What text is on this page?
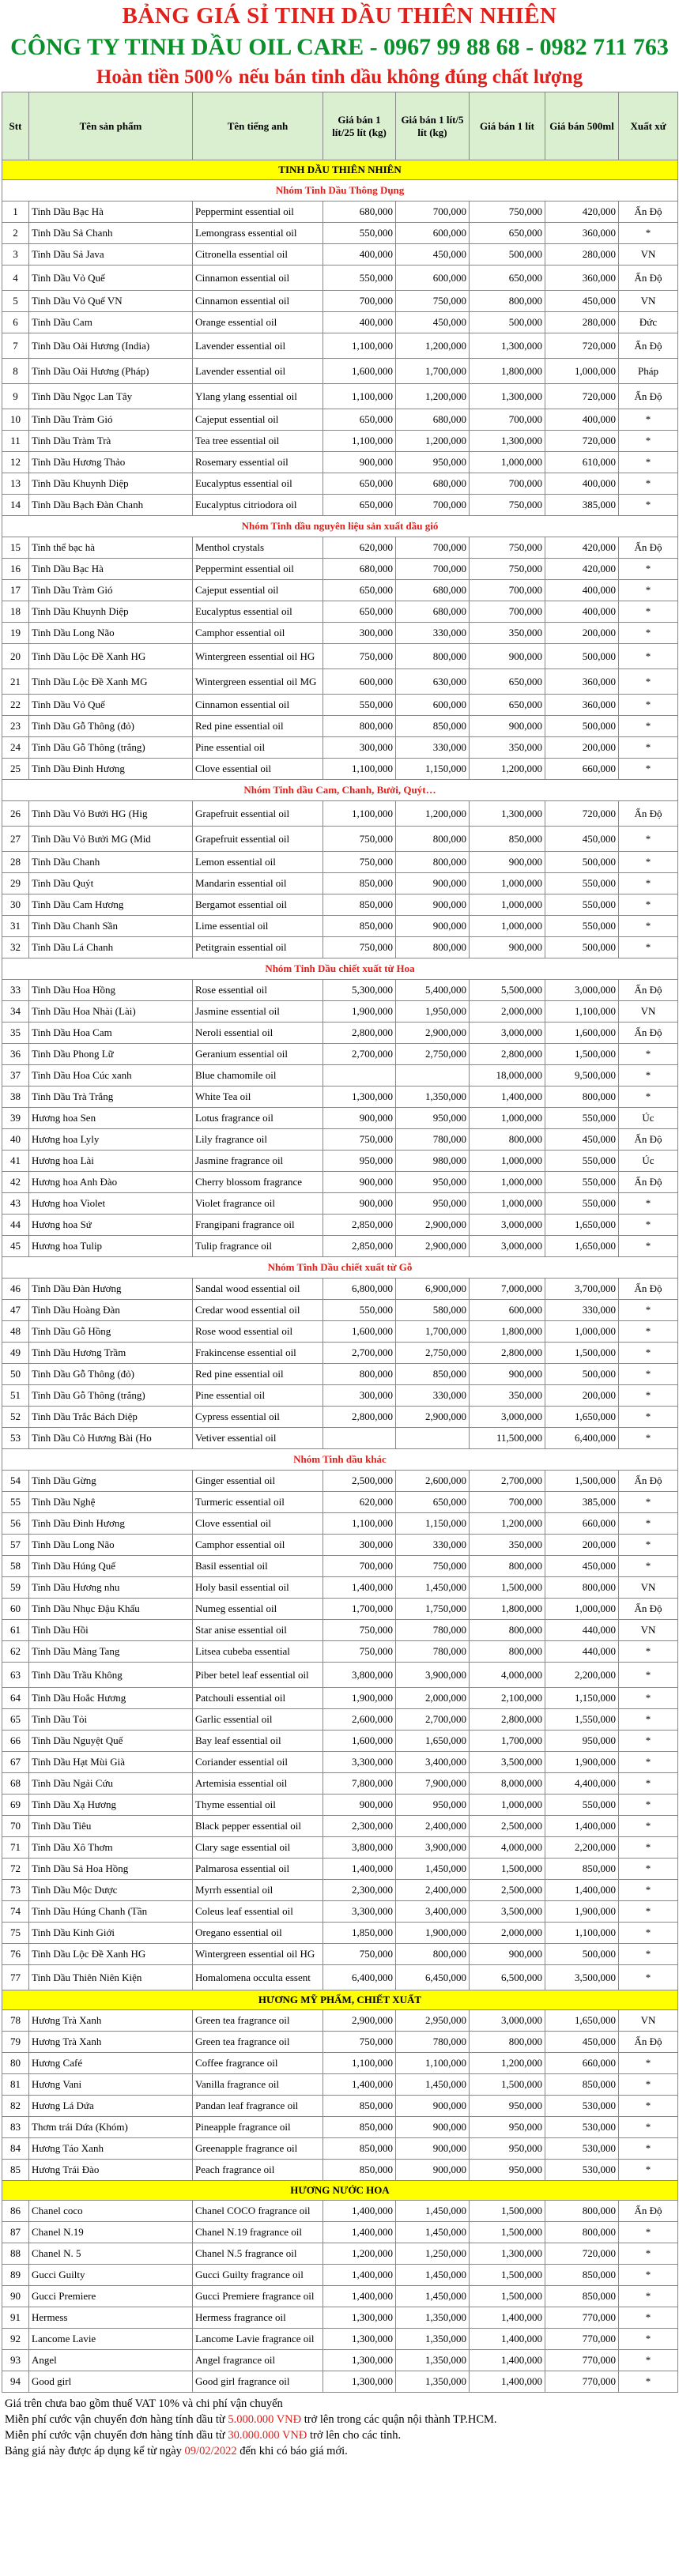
BẢNG GIÁ SỈ TINH DẦU THIÊN NHIÊN
CÔNG TY TINH DẦU OIL CARE - 0967 99 88 68 - 0982 711 763
Hoàn tiền 500% nếu bán tinh dầu không đúng chất lượng
Stt	Tên sản phẩm	Tên tiếng anh	Giá bán 1 lít/25 lít (kg)	Giá bán 1 lít/5 lít (kg)	Giá bán 1 lít	Giá bán 500ml	Xuất xứ
TINH DẦU THIÊN NHIÊN							
Nhóm Tinh Dầu Thông Dụng							
1	Tinh Dầu Bạc Hà	Peppermint essential oil	680,000	700,000	750,000	420,000	Ấn Độ
2	Tinh Dầu Sả Chanh	Lemongrass essential oil	550,000	600,000	650,000	360,000	*
3	Tinh Dầu Sả Java	Citronella essential oil	400,000	450,000	500,000	280,000	VN
4	Tinh Dầu Vỏ Quế	Cinnamon essential oil	550,000	600,000	650,000	360,000	Ấn Độ
5	Tinh Dầu Vỏ Quế VN	Cinnamon essential oil	700,000	750,000	800,000	450,000	VN
6	Tinh Dầu Cam	Orange essential oil	400,000	450,000	500,000	280,000	Đức
7	Tinh Dầu Oải Hương (India)	Lavender essential oil	1,100,000	1,200,000	1,300,000	720,000	Ấn Độ
8	Tinh Dầu Oải Hương (Pháp)	Lavender essential oil	1,600,000	1,700,000	1,800,000	1,000,000	Pháp
9	Tinh Dầu Ngọc Lan Tây	Ylang ylang essential oil	1,100,000	1,200,000	1,300,000	720,000	Ấn Độ
10	Tinh Dầu Tràm Gió	Cajeput essential oil	650,000	680,000	700,000	400,000	*
11	Tinh Dầu Tràm Trà	Tea tree essential oil	1,100,000	1,200,000	1,300,000	720,000	*
12	Tinh Dầu Hương Thảo	Rosemary essential oil	900,000	950,000	1,000,000	610,000	*
13	Tinh Dầu Khuynh Diệp	Eucalyptus essential oil	650,000	680,000	700,000	400,000	*
14	Tinh Dầu Bạch Đàn Chanh	Eucalyptus citriodora oil	650,000	700,000	750,000	385,000	*
Nhóm Tinh dầu nguyên liệu sản xuất dầu gió							
15	Tinh thể bạc hà	Menthol crystals	620,000	700,000	750,000	420,000	Ấn Độ
16	Tinh Dầu Bạc Hà	Peppermint essential oil	680,000	700,000	750,000	420,000	*
17	Tinh Dầu Tràm Gió	Cajeput essential oil	650,000	680,000	700,000	400,000	*
18	Tinh Dầu Khuynh Diệp	Eucalyptus essential oil	650,000	680,000	700,000	400,000	*
19	Tinh Dầu Long Não	Camphor essential oil	300,000	330,000	350,000	200,000	*
20	Tinh Dầu Lộc Đề Xanh HG	Wintergreen essential oil HG	750,000	800,000	900,000	500,000	*
21	Tinh Dầu Lộc Đề Xanh MG	Wintergreen essential oil MG	600,000	630,000	650,000	360,000	*
22	Tinh Dầu Vỏ Quế	Cinnamon essential oil	550,000	600,000	650,000	360,000	*
23	Tinh Dầu Gỗ Thông (đỏ)	Red pine essential oil	800,000	850,000	900,000	500,000	*
24	Tinh Dầu Gỗ Thông (trắng)	Pine essential oil	300,000	330,000	350,000	200,000	*
25	Tinh Dầu Đinh Hương	Clove essential oil	1,100,000	1,150,000	1,200,000	660,000	*
Nhóm Tinh dầu Cam, Chanh, Bưởi, Quýt…							
26	Tinh Dầu Vỏ Bưởi HG (Hig	Grapefruit essential oil	1,100,000	1,200,000	1,300,000	720,000	Ấn Độ
27	Tinh Dầu Vỏ Bưởi MG (Mid	Grapefruit essential oil	750,000	800,000	850,000	450,000	*
28	Tinh Dầu Chanh	Lemon essential oil	750,000	800,000	900,000	500,000	*
29	Tinh Dầu Quýt	Mandarin essential oil	850,000	900,000	1,000,000	550,000	*
30	Tinh Dầu Cam Hương	Bergamot essential oil	850,000	900,000	1,000,000	550,000	*
31	Tinh Dầu Chanh Sần	Lime essential oil	850,000	900,000	1,000,000	550,000	*
32	Tinh Dầu Lá Chanh	Petitgrain essential oil	750,000	800,000	900,000	500,000	*
Nhóm Tinh Dầu chiết xuất từ Hoa							
33	Tinh Dầu Hoa Hồng	Rose essential oil	5,300,000	5,400,000	5,500,000	3,000,000	Ấn Độ
34	Tinh Dầu Hoa Nhài (Lài)	Jasmine essential oil	1,900,000	1,950,000	2,000,000	1,100,000	VN
35	Tinh Dầu Hoa Cam	Neroli essential oil	2,800,000	2,900,000	3,000,000	1,600,000	Ấn Độ
36	Tinh Dầu Phong Lữ	Geranium essential oil	2,700,000	2,750,000	2,800,000	1,500,000	*
37	Tinh Dầu Hoa Cúc xanh	Blue chamomile oil			18,000,000	9,500,000	*
38	Tinh Dầu Trà Trắng	White Tea oil	1,300,000	1,350,000	1,400,000	800,000	*
39	Hương hoa Sen	Lotus fragrance oil	900,000	950,000	1,000,000	550,000	Úc
40	Hương hoa Lyly	Lily fragrance oil	750,000	780,000	800,000	450,000	Ấn Độ
41	Hương hoa Lài	Jasmine fragrance oil	950,000	980,000	1,000,000	550,000	Úc
42	Hương hoa Anh Đào	Cherry blossom fragrance	900,000	950,000	1,000,000	550,000	Ấn Độ
43	Hương hoa Violet	Violet fragrance oil	900,000	950,000	1,000,000	550,000	*
44	Hương hoa Sứ	Frangipani fragrance oil	2,850,000	2,900,000	3,000,000	1,650,000	*
45	Hương hoa Tulip	Tulip fragrance oil	2,850,000	2,900,000	3,000,000	1,650,000	*
Nhóm Tinh Dầu chiết xuất từ Gỗ							
46	Tinh Dầu Đàn Hương	Sandal wood essential oil	6,800,000	6,900,000	7,000,000	3,700,000	Ấn Độ
47	Tinh Dầu Hoàng Đàn	Credar wood essential oil	550,000	580,000	600,000	330,000	*
48	Tinh Dầu Gỗ Hồng	Rose wood essential oil	1,600,000	1,700,000	1,800,000	1,000,000	*
49	Tinh Dầu Hương Trầm	Frakincense essential oil	2,700,000	2,750,000	2,800,000	1,500,000	*
50	Tinh Dầu Gỗ Thông (đỏ)	Red pine essential oil	800,000	850,000	900,000	500,000	*
51	Tinh Dầu Gỗ Thông (trắng)	Pine essential oil	300,000	330,000	350,000	200,000	*
52	Tinh Dầu Trắc Bách Diệp	Cypress essential oil	2,800,000	2,900,000	3,000,000	1,650,000	*
53	Tinh Dầu Cỏ Hương Bài (Ho	Vetiver essential oil			11,500,000	6,400,000	*
Nhóm Tinh dầu khác							
54	Tinh Dầu Gừng	Ginger essential oil	2,500,000	2,600,000	2,700,000	1,500,000	Ấn Độ
55	Tinh Dầu Nghệ	Turmeric essential oil	620,000	650,000	700,000	385,000	*
56	Tinh Dầu Đinh Hương	Clove essential oil	1,100,000	1,150,000	1,200,000	660,000	*
57	Tinh Dầu Long Não	Camphor essential oil	300,000	330,000	350,000	200,000	*
58	Tinh Dầu Húng Quế	Basil essential oil	700,000	750,000	800,000	450,000	*
59	Tinh Dầu Hương nhu	Holy basil essential oil	1,400,000	1,450,000	1,500,000	800,000	VN
60	Tinh Dầu Nhục Đậu Khấu	Numeg essential oil	1,700,000	1,750,000	1,800,000	1,000,000	Ấn Độ
61	Tinh Dầu Hồi	Star anise essential oil	750,000	780,000	800,000	440,000	VN
62	Tinh Dầu Màng Tang	Litsea cubeba essential	750,000	780,000	800,000	440,000	*
63	Tinh Dầu Trầu Không	Piber betel leaf essential oil	3,800,000	3,900,000	4,000,000	2,200,000	*
64	Tinh Dầu Hoắc Hương	Patchouli essential oil	1,900,000	2,000,000	2,100,000	1,150,000	*
65	Tinh Dầu Tỏi	Garlic essential oil	2,600,000	2,700,000	2,800,000	1,550,000	*
66	Tinh Dầu Nguyệt Quế	Bay leaf essential oil	1,600,000	1,650,000	1,700,000	950,000	*
67	Tinh Dầu Hạt Mùi Già	Coriander essential oil	3,300,000	3,400,000	3,500,000	1,900,000	*
68	Tinh Dầu Ngải Cứu	Artemisia essential oil	7,800,000	7,900,000	8,000,000	4,400,000	*
69	Tinh Dầu Xạ Hương	Thyme essential oil	900,000	950,000	1,000,000	550,000	*
70	Tinh Dầu Tiêu	Black pepper essential oil	2,300,000	2,400,000	2,500,000	1,400,000	*
71	Tinh Dầu Xô Thơm	Clary sage essential oil	3,800,000	3,900,000	4,000,000	2,200,000	*
72	Tinh Dầu Sả Hoa Hồng	Palmarosa essential oil	1,400,000	1,450,000	1,500,000	850,000	*
73	Tinh Dầu Mộc Dược	Myrrh essential oil	2,300,000	2,400,000	2,500,000	1,400,000	*
74	Tinh Dầu Húng Chanh (Tần	Coleus leaf essential oil	3,300,000	3,400,000	3,500,000	1,900,000	*
75	Tinh Dầu Kinh Giới	Oregano essential oil	1,850,000	1,900,000	2,000,000	1,100,000	*
76	Tinh Dầu Lộc Đề Xanh HG	Wintergreen essential oil HG	750,000	800,000	900,000	500,000	*
77	Tinh Dầu Thiên Niên Kiện	Homalomena occulta essent	6,400,000	6,450,000	6,500,000	3,500,000	*
HƯƠNG MỸ PHẨM, CHIẾT XUẤT							
78	Hương Trà Xanh	Green tea fragrance oil	2,900,000	2,950,000	3,000,000	1,650,000	VN
79	Hương Trà Xanh	Green tea fragrance oil	750,000	780,000	800,000	450,000	Ấn Độ
80	Hương Café	Coffee fragrance oil	1,100,000	1,100,000	1,200,000	660,000	*
81	Hương Vani	Vanilla fragrance oil	1,400,000	1,450,000	1,500,000	850,000	*
82	Hương Lá Dứa	Pandan leaf fragrance oil	850,000	900,000	950,000	530,000	*
83	Thơm trái Dứa (Khóm)	Pineapple fragrance oil	850,000	900,000	950,000	530,000	*
84	Hương Táo Xanh	Greenapple fragrance oil	850,000	900,000	950,000	530,000	*
85	Hương Trái Đào	Peach fragrance oil	850,000	900,000	950,000	530,000	*
HƯƠNG NƯỚC HOA							
86	Chanel coco	Chanel COCO fragrance oil	1,400,000	1,450,000	1,500,000	800,000	Ấn Độ
87	Chanel N.19	Chanel N.19 fragrance oil	1,400,000	1,450,000	1,500,000	800,000	*
88	Chanel N. 5	Chanel N.5 fragrance oil	1,200,000	1,250,000	1,300,000	720,000	*
89	Gucci Guilty	Gucci Guilty fragrance oil	1,400,000	1,450,000	1,500,000	850,000	*
90	Gucci Premiere	Gucci Premiere fragrance oil	1,400,000	1,450,000	1,500,000	850,000	*
91	Hermess	Hermess fragrance oil	1,300,000	1,350,000	1,400,000	770,000	*
92	Lancome Lavie	Lancome Lavie fragrance oil	1,300,000	1,350,000	1,400,000	770,000	*
93	Angel	Angel fragrance oil	1,300,000	1,350,000	1,400,000	770,000	*
94	Good girl	Good girl fragrance oil	1,300,000	1,350,000	1,400,000	770,000	*
Giá trên chưa bao gồm thuế VAT 10% và chi phí vận chuyển
Miễn phí cước vận chuyển đơn hàng tính dầu từ 5.000.000 VNĐ trở lên trong các quận nội thành TP.HCM.
Miễn phí cước vận chuyển đơn hàng tính dầu từ 30.000.000 VNĐ trở lên cho các tỉnh.
Bảng giá này được áp dụng kể từ ngày 09/02/2022 đến khi có báo giá mới.
